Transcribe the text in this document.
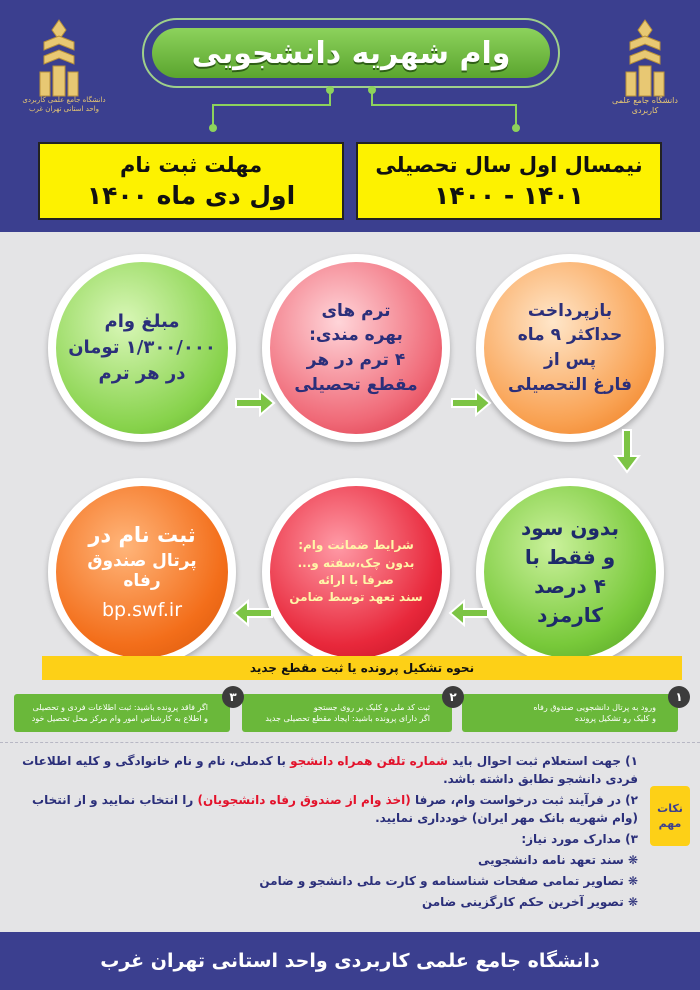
دانشگاه جامع علمی کاربردی
دانشگاه جامع علمی کاربردی واحد استانی تهران غرب
وام شهریه دانشجویی
مهلت ثبت نام
اول دی ماه ۱۴۰۰
نیمسال اول سال تحصیلی
۱۴۰۱ - ۱۴۰۰
بازپرداخت
حداکثر ۹ ماه
پس از
فارغ التحصیلی
ترم های
بهره مندی:
۴ ترم در هر
مقطع تحصیلی
مبلغ وام
۱/۳۰۰/۰۰۰ تومان
در هر ترم
بدون سود
و فقط با
۴ درصد
کارمزد
شرایط ضمانت وام:
بدون چک،سفته و...
صرفا با ارائه
سند تعهد توسط ضامن
ثبت نام در
پرتال صندوق رفاه
bp.swf.ir
نحوه تشکیل پرونده یا ثبت مقطع جدید
ورود به پرتال دانشجویی صندوق رفاه
و کلیک رو تشکیل پرونده
۱
ثبت کد ملی و کلیک بر روی جستجو
اگر دارای پرونده باشید: ایجاد مقطع تحصیلی جدید
۲
اگر فاقد پرونده باشید: ثبت اطلاعات فردی و تحصیلی
و اطلاع به کارشناس امور وام مرکز محل تحصیل خود
۳
نکات
مهم

۱) جهت استعلام ثبت احوال باید شماره تلفن همراه دانشجو با کدملی، نام و نام خانوادگی و کلیه اطلاعات فردی دانشجو تطابق داشته باشد.

۲) در فرآیند ثبت درخواست وام، صرفا (اخذ وام از صندوق رفاه دانشجویان) را انتخاب نمایید و از انتخاب (وام شهریه بانک مهر ایران) خودداری نمایید.

۳) مدارک مورد نیاز:

❋ سند تعهد نامه دانشجویی

❋ تصاویر تمامی صفحات شناسنامه و کارت ملی دانشجو و ضامن

❋ تصویر آخرین حکم کارگزینی ضامن

دانشگاه جامع علمی کاربردی واحد استانی تهران غرب
